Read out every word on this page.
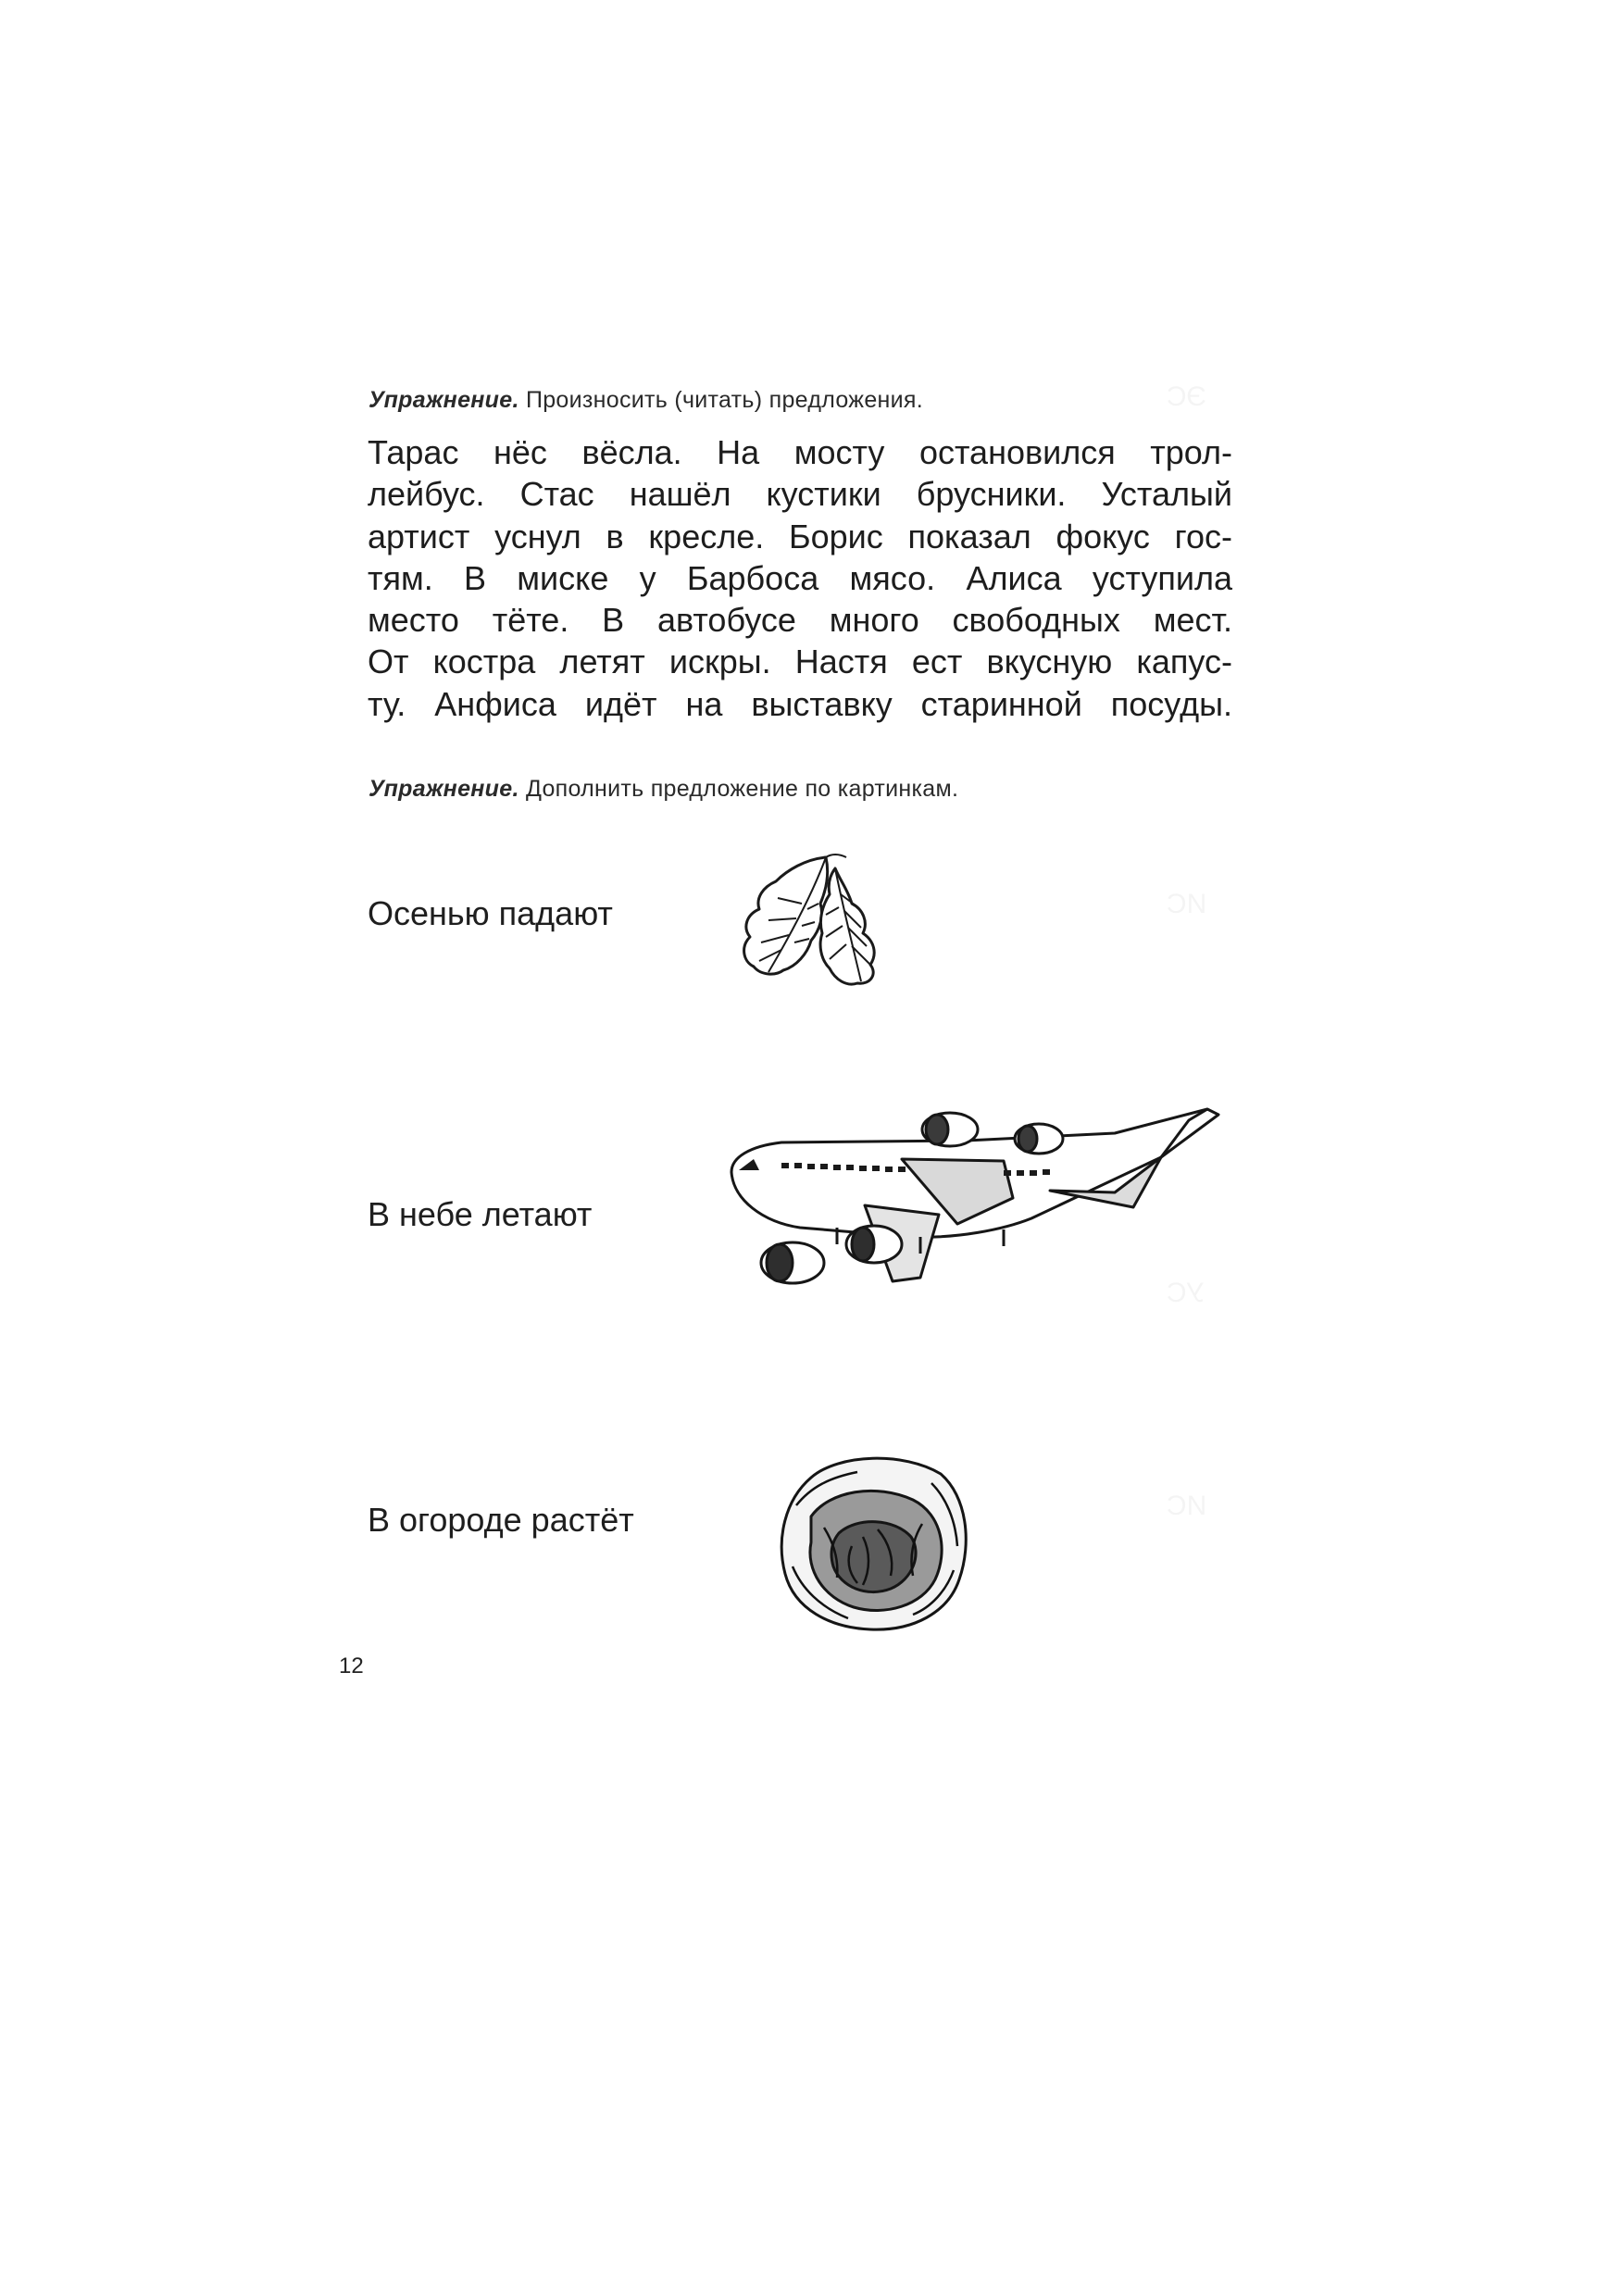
Упражнение. Произносить (читать) предложения.
Тарас нёс вёсла. На мосту остановился трол-
лейбус. Стас нашёл кустики брусники. Усталый
артист уснул в кресле. Борис показал фокус гос-
тям. В миске у Барбоса мясо. Алиса уступила
место тёте. В автобусе много свободных мест.
От костра летят искры. Настя ест вкусную капус-
ту. Анфиса идёт на выставку старинной посуды.
Упражнение. Дополнить предложение по картинкам.
Осенью падают
В небе летают
В огороде растёт
12
